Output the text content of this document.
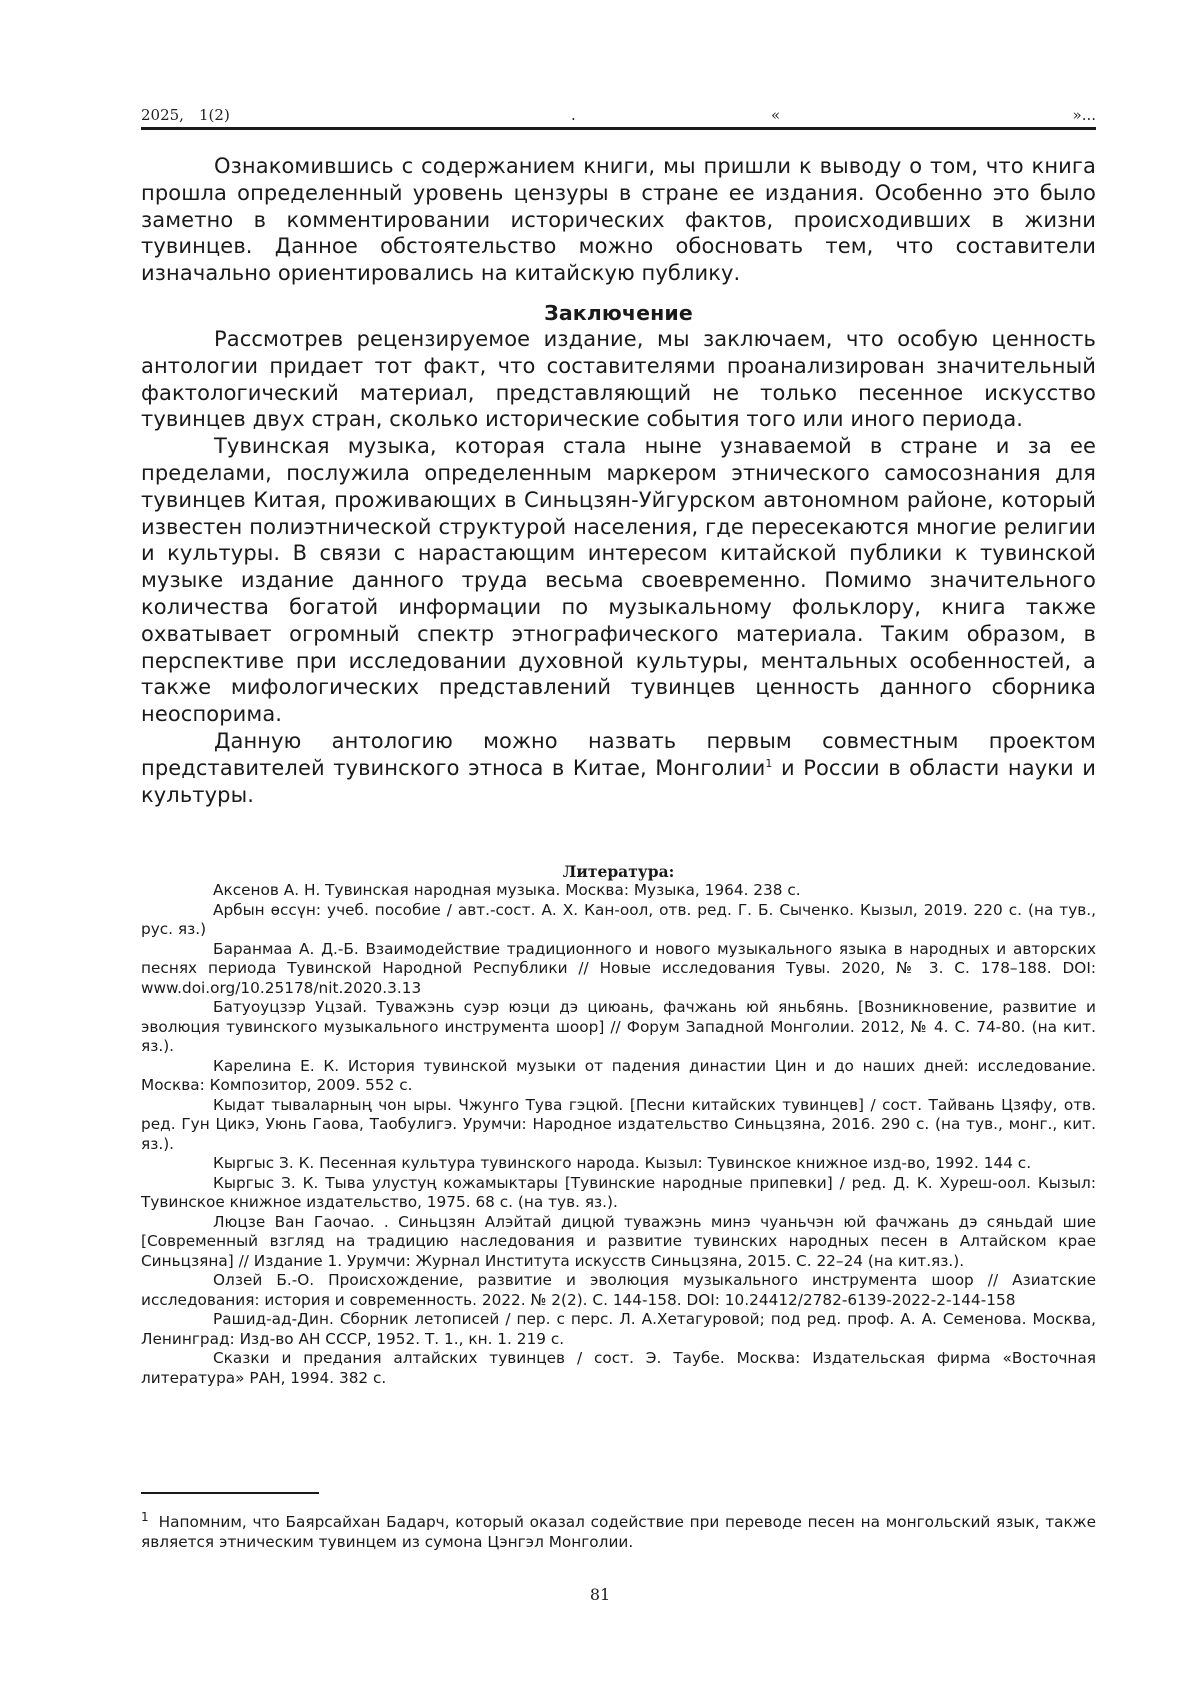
2025, 1(2)	.	«	»...

Ознакомившись с содержанием книги, мы пришли к выводу о том, что книга прошла определенный уровень цензуры в стране ее издания. Особенно это было заметно в комментировании исторических фактов, происходивших в жизни тувинцев. Данное обстоятельство можно обосновать тем, что составители изначально ориентировались на китайскую публику.

Заключение

Рассмотрев рецензируемое издание, мы заключаем, что особую ценность антологии придает тот факт, что составителями проанализирован значительный фактологический материал, представляющий не только песенное искусство тувинцев двух стран, сколько исторические события того или иного периода.

Тувинская музыка, которая стала ныне узнаваемой в стране и за ее пределами, послужила определенным маркером этнического самосознания для тувинцев Китая, проживающих в Синьцзян-Уйгурском автономном районе, который известен полиэтнической структурой населения, где пересекаются многие религии и культуры. В связи с нарастающим интересом китайской публики к тувинской музыке издание данного труда весьма своевременно. Помимо значительного количества богатой информации по музыкальному фольклору, книга также охватывает огромный спектр этнографического материала. Таким образом, в перспективе при исследовании духовной культуры, ментальных особенностей, а также мифологических представлений тувинцев ценность данного сборника неоспорима.

Данную антологию можно назвать первым совместным проектом представителей тувинского этноса в Китае, Монголии$^1$ и России в области науки и культуры.

Литература:

Аксенов А. Н. Тувинская народная музыка. Москва: Музыка, 1964. 238 с.

Арбын өссүн: учеб. пособие / авт.-сост. А. Х. Кан-оол, отв. ред. Г. Б. Сыченко. Кызыл, 2019. 220 с. (на тув., рус. яз.)

Баранмаа А. Д.-Б. Взаимодействие традиционного и нового музыкального языка в народных и авторских песнях периода Тувинской Народной Республики // Новые исследования Тувы. 2020, № 3. С. 178–188. DOI: www.doi.org/10.25178/nit.2020.3.13

Батуоуцзэр Уцзай. Туважэнь суэр юэци дэ циюань, фачжань юй яньбянь. [Возникновение, развитие и эволюция тувинского музыкального инструмента шоор] // Форум Западной Монголии. 2012, № 4. С. 74-80. (на кит. яз.).

Карелина Е. К. История тувинской музыки от падения династии Цин и до наших дней: исследование. Москва: Композитор, 2009. 552 с.

Кыдат тываларның чон ыры. Чжунго Тува гэцюй. [Песни китайских тувинцев] / сост. Тайвань Цзяфу, отв. ред. Гун Цикэ, Уюнь Гаова, Таобулигэ. Урумчи: Народное издательство Синьцзяна, 2016. 290 с. (на тув., монг., кит. яз.).

Кыргыс З. К. Песенная культура тувинского народа. Кызыл: Тувинское книжное изд-во, 1992. 144 с.

Кыргыс З. К. Тыва улустуң кожамыктары [Тувинские народные припевки] / ред. Д. К. Хуреш-оол. Кызыл: Тувинское книжное издательство, 1975. 68 с. (на тув. яз.).

Люцзе Ван Гаочао. . Синьцзян Алэйтай дицюй туважэнь минэ чуаньчэн юй фачжань дэ сяньдай шие [Современный взгляд на традицию наследования и развитие тувинских народных песен в Алтайском крае Синьцзяна] // Издание 1. Урумчи: Журнал Института искусств Синьцзяна, 2015. С. 22–24 (на кит.яз.).

Олзей Б.-О. Происхождение, развитие и эволюция музыкального инструмента шоор // Азиатские исследования: история и современность. 2022. № 2(2). С. 144-158. DOI: 10.24412/2782-6139-2022-2-144-158

Рашид-ад-Дин. Сборник летописей / пер. с перс. Л. А.Хетагуровой; под ред. проф. А. А. Семенова. Москва, Ленинград: Изд-во АН СССР, 1952. Т. 1., кн. 1. 219 с.

Сказки и предания алтайских тувинцев / сост. Э. Таубе. Москва: Издательская фирма «Восточная литература» РАН, 1994. 382 с.

$^1$ Напомним, что Баярсайхан Бадарч, который оказал содействие при переводе песен на монгольский язык, также является этническим тувинцем из сумона Цэнгэл Монголии.

81
